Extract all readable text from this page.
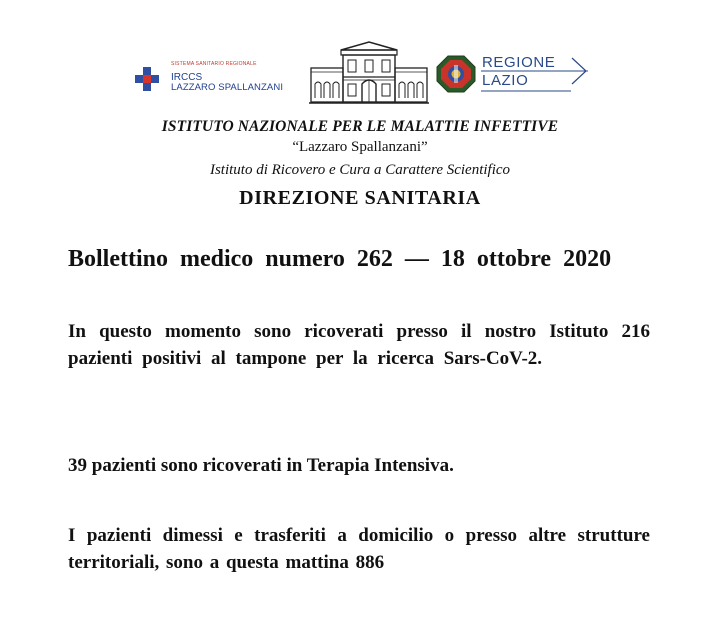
SISTEMA SANITARIO REGIONALE
IRCCS
LAZZARO SPALLANZANI
REGIONE
LAZIO
ISTITUTO NAZIONALE PER LE MALATTIE INFETTIVE
“Lazzaro Spallanzani”
Istituto di Ricovero e Cura a Carattere Scientifico
DIREZIONE SANITARIA
Bollettino medico numero 262 — 18 ottobre 2020
In questo momento sono ricoverati presso il nostro Istituto 216 pazienti positivi al tampone per la ricerca Sars-CoV-2.
39 pazienti sono ricoverati in Terapia Intensiva.
I pazienti dimessi e trasferiti a domicilio o presso altre strutture territoriali, sono a questa mattina 886
